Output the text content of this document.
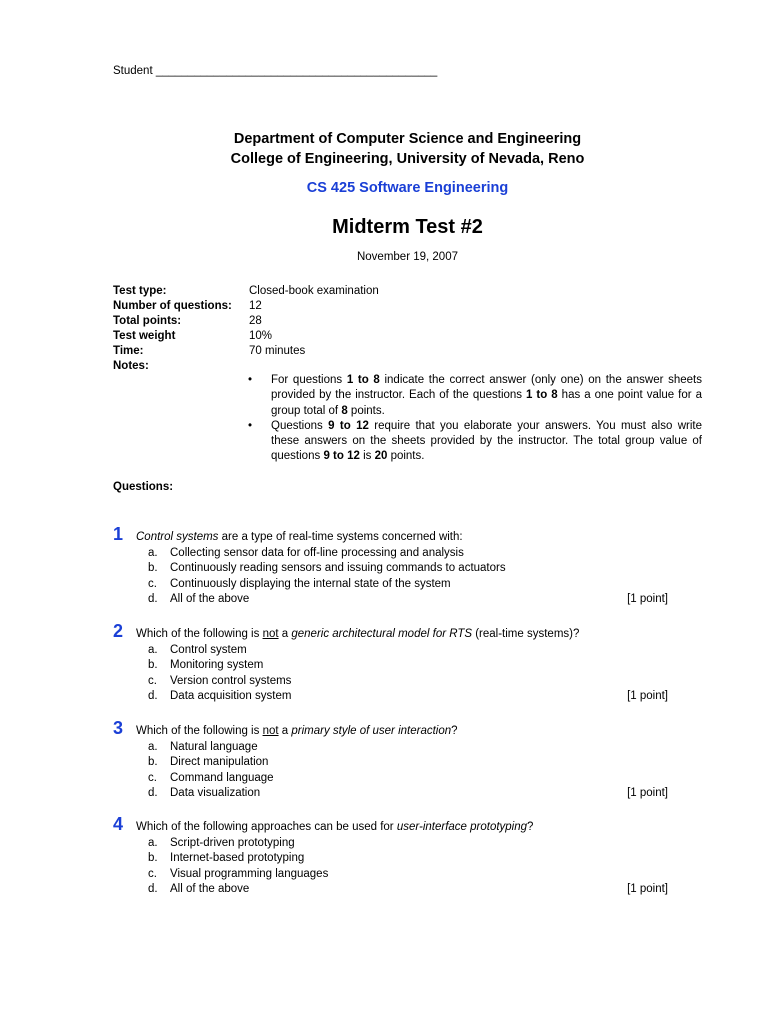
Student ____________________________________________
Department of Computer Science and Engineering
College of Engineering, University of Nevada, Reno
CS 425 Software Engineering
Midterm Test #2
November 19, 2007
Test type:	Closed-book examination
Number of questions:	12
Total points:	28
Test weight	10%
Time:	70 minutes
Notes:
•	For questions 1 to 8 indicate the correct answer (only one) on the answer sheets provided by the instructor. Each of the questions 1 to 8 has a one point value for a group total of 8 points.
•	Questions 9 to 12 require that you elaborate your answers. You must also write these answers on the sheets provided by the instructor. The total group value of questions 9 to 12 is 20 points.
Questions:
1	Control systems are a type of real-time systems concerned with:
a.	Collecting sensor data for off-line processing and analysis
b.	Continuously reading sensors and issuing commands to actuators
c.	Continuously displaying the internal state of the system
d.	All of the above	[1 point]
2	Which of the following is not a generic architectural model for RTS (real-time systems)?
a.	Control system
b.	Monitoring system
c.	Version control systems
d.	Data acquisition system	[1 point]
3	Which of the following is not a primary style of user interaction?
a.	Natural language
b.	Direct manipulation
c.	Command language
d.	Data visualization	[1 point]
4	Which of the following approaches can be used for user-interface prototyping?
a.	Script-driven prototyping
b.	Internet-based prototyping
c.	Visual programming languages
d.	All of the above	[1 point]
